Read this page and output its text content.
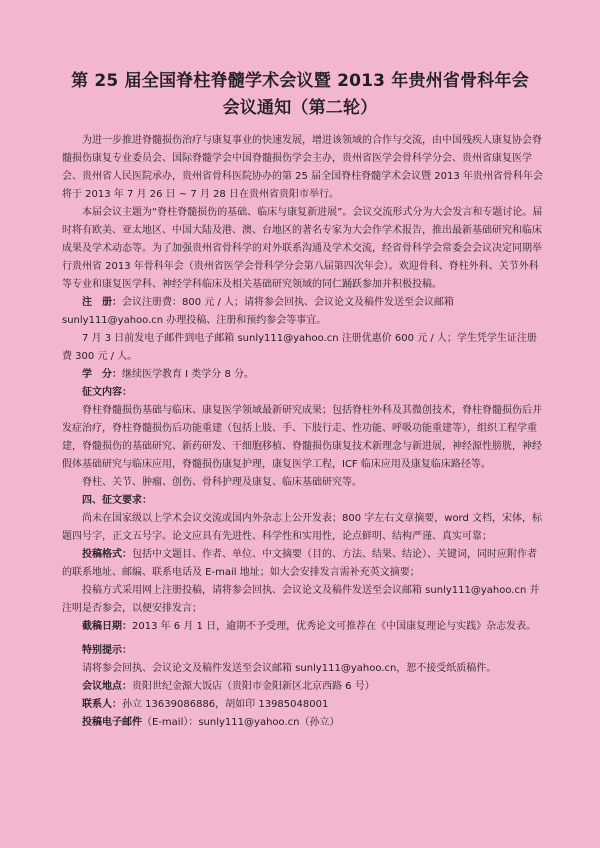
第 25 届全国脊柱脊髓学术会议暨 2013 年贵州省骨科年会
会议通知（第二轮）

为进一步推进脊髓损伤治疗与康复事业的快速发展，增进该领域的合作与交流，由中国残疾人康复协会脊髓损伤康复专业委员会、国际脊髓学会中国脊髓损伤学会主办，贵州省医学会骨科学分会、贵州省康复医学会、贵州省人民医院承办，贵州省骨科医院协办的第 25 届全国脊柱脊髓学术会议暨 2013 年贵州省骨科年会将于 2013 年 7 月 26 日 ~ 7 月 28 日在贵州省贵阳市举行。

本届会议主题为“脊柱脊髓损伤的基础、临床与康复新进展”。会议交流形式分为大会发言和专题讨论。届时将有欧美、亚太地区、中国大陆及港、澳、台地区的著名专家为大会作学术报告，推出最新基础研究和临床成果及学术动态等。为了加强贵州省骨科学的对外联系沟通及学术交流，经省骨科学会常委会会议决定同期举行贵州省 2013 年骨科年会（贵州省医学会骨科学分会第八届第四次年会）。欢迎骨科、脊柱外科、关节外科等专业和康复医学科、神经学科临床及相关基础研究领域的同仁踊跃参加并积极投稿。

注　册：会议注册费：800 元 / 人；请将参会回执、会议论文及稿件发送至会议邮箱 sunly111@yahoo.cn 办理投稿、注册和预约参会等事宜。

7 月 3 日前发电子邮件到电子邮箱 sunly111@yahoo.cn 注册优惠价 600 元 / 人；学生凭学生证注册费 300 元 / 人。

学　分：继续医学教育 I 类学分 8 分。

征文内容：

脊柱脊髓损伤基础与临床、康复医学领域最新研究成果；包括脊柱外科及其微创技术，脊柱脊髓损伤后并发症治疗，脊柱脊髓损伤后功能重建（包括上肢、手、下肢行走、性功能、呼吸功能重建等），组织工程学重建，脊髓损伤的基础研究、新药研发、干细胞移植、脊髓损伤康复技术新理念与新进展，神经源性膀胱，神经假体基础研究与临床应用，脊髓损伤康复护理，康复医学工程，ICF 临床应用及康复临床路径等。

脊柱、关节、肿瘤、创伤、骨科护理及康复、临床基础研究等。

四、征文要求：

尚未在国家级以上学术会议交流或国内外杂志上公开发表；800 字左右文章摘要，word 文档，宋体，标题四号字，正文五号字。论文应具有先进性、科学性和实用性，论点鲜明、结构严谨、真实可靠；

投稿格式：包括中文题目、作者、单位、中文摘要（目的、方法、结果、结论）、关键词，同时应附作者的联系地址、邮编、联系电话及 E-mail 地址；如大会安排发言需补充英文摘要；

投稿方式采用网上注册投稿，请将参会回执、会议论文及稿件发送至会议邮箱 sunly111@yahoo.cn 并注明是否参会，以便安排发言；

截稿日期：2013 年 6 月 1 日，逾期不予受理，优秀论文可推荐在《中国康复理论与实践》杂志发表。

特别提示：

请将参会回执、会议论文及稿件发送至会议邮箱 sunly111@yahoo.cn，恕不接受纸质稿件。

会议地点：贵阳世纪金源大饭店（贵阳市金阳新区北京西路 6 号）

联系人：孙立 13639086886，胡如印 13985048001

投稿电子邮件（E-mail）：sunly111@yahoo.cn（孙立）
